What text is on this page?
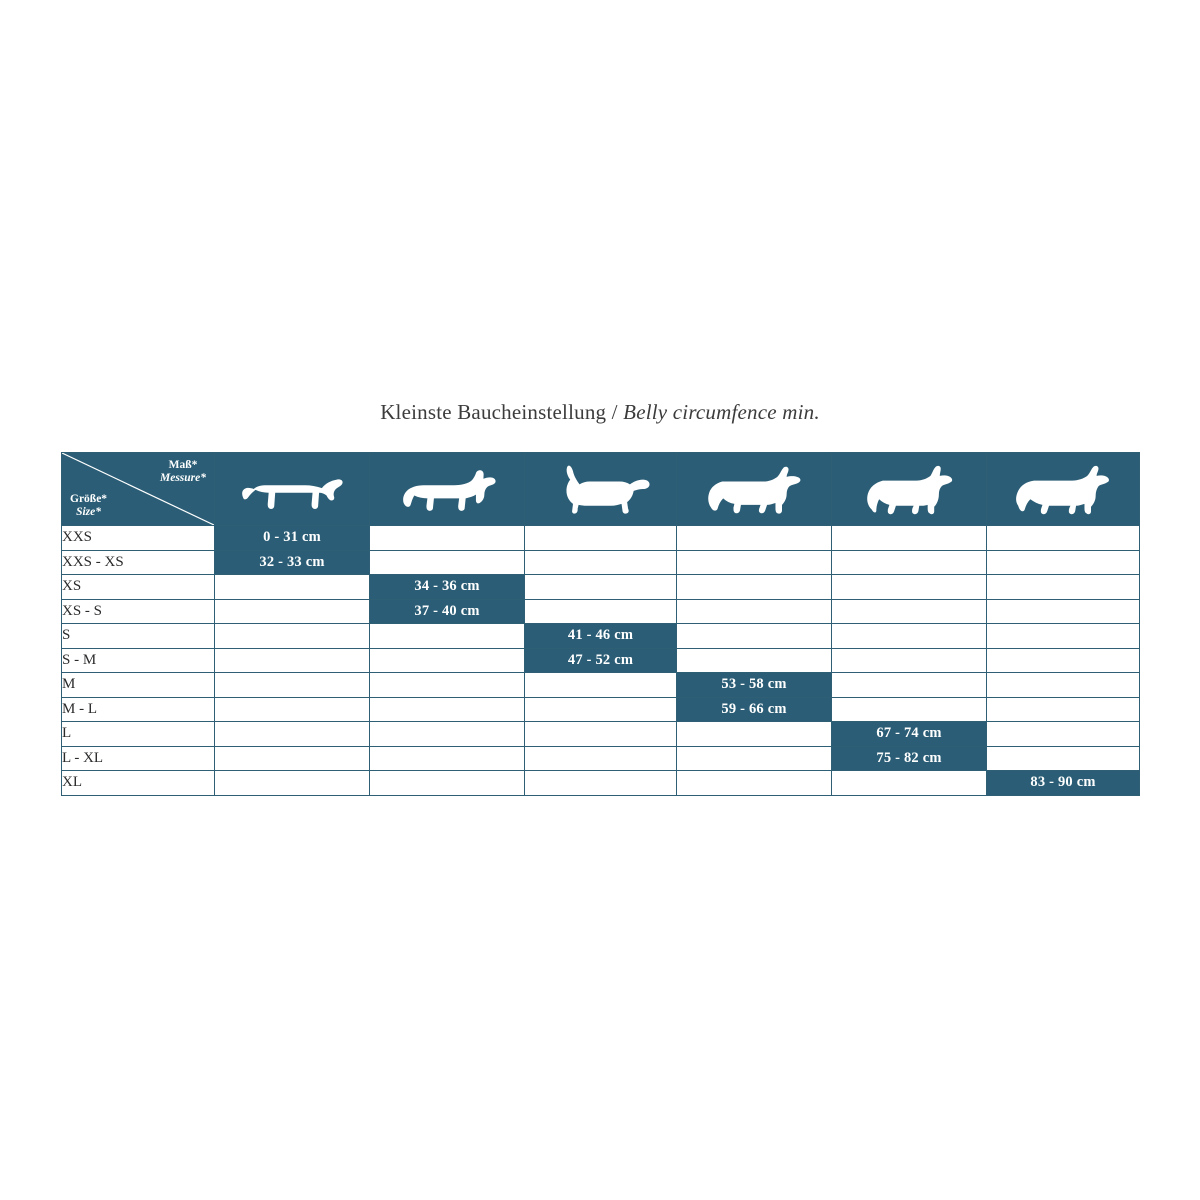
Kleinste Baucheinstellung / Belly circumfence min.
Maß*
Messure*
Größe*
Size*

XXS	0 - 31 cm					
XXS - XS	32 - 33 cm					
XS		34 - 36 cm				
XS - S		37 - 40 cm				
S			41 - 46 cm			
S - M			47 - 52 cm			
M				53 - 58 cm		
M - L				59 - 66 cm		
L					67 - 74 cm	
L - XL					75 - 82 cm	
XL						83 - 90 cm
